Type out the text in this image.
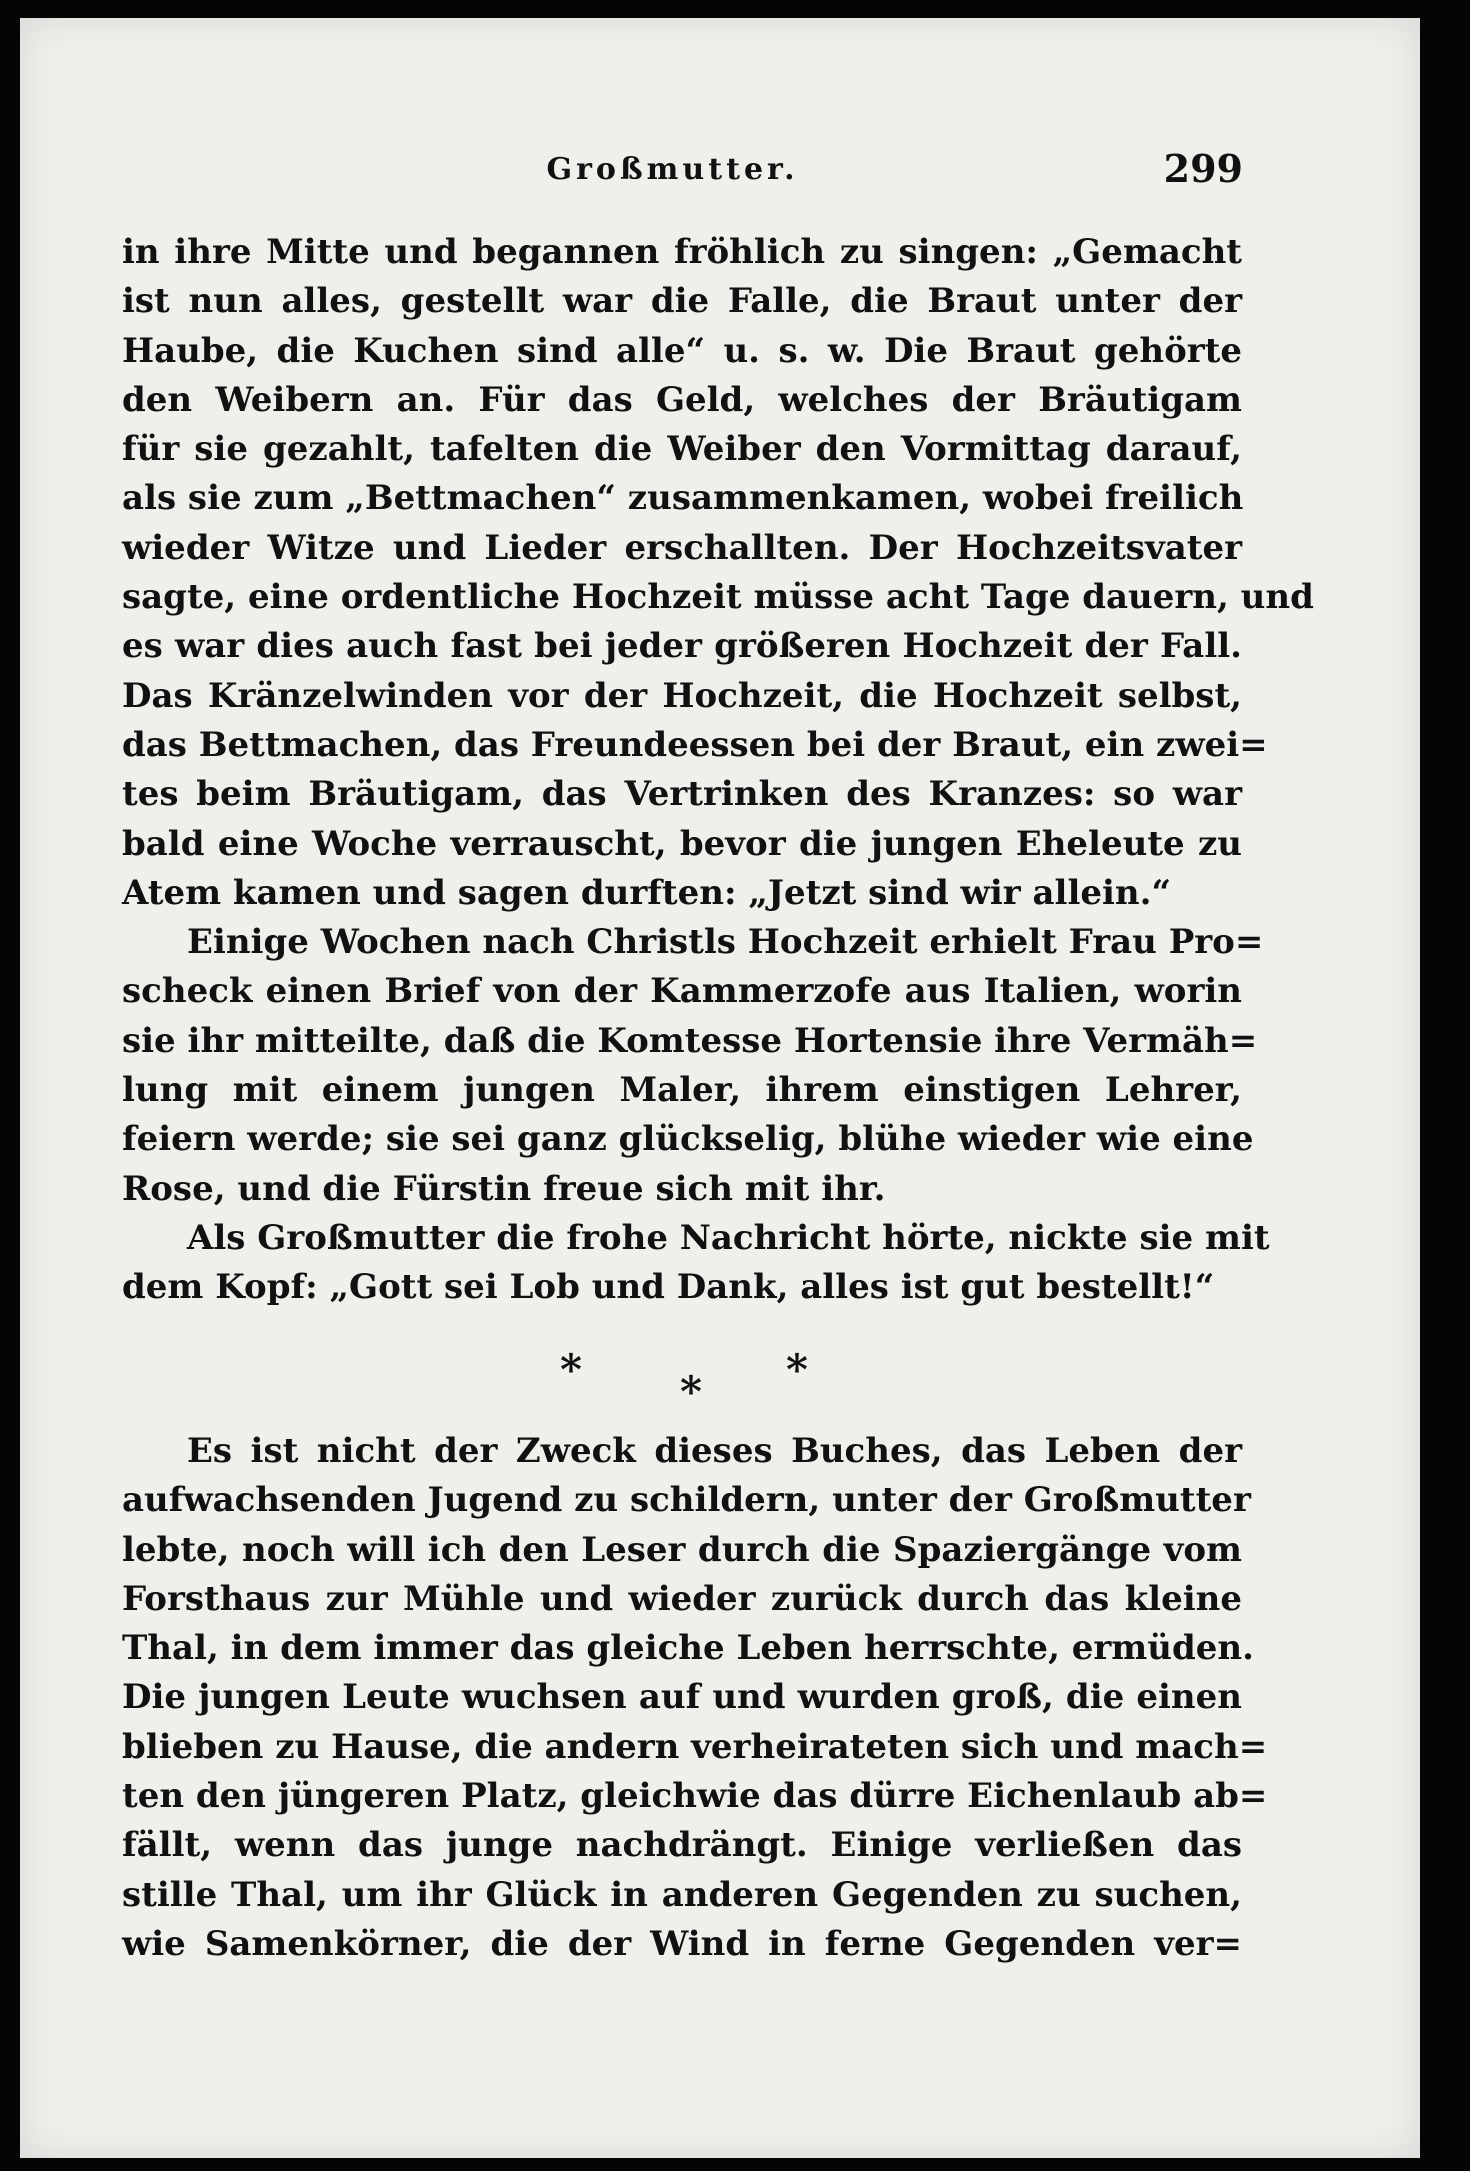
Großmutter.	299
in ihre Mitte und begannen fröhlich zu singen: „Gemacht
ist nun alles, gestellt war die Falle, die Braut unter der
Haube, die Kuchen sind alle“ u. s. w. Die Braut gehörte
den Weibern an. Für das Geld, welches der Bräutigam
für sie gezahlt, tafelten die Weiber den Vormittag darauf,
als sie zum „Bettmachen“ zusammenkamen, wobei freilich
wieder Witze und Lieder erschallten. Der Hochzeitsvater
sagte, eine ordentliche Hochzeit müsse acht Tage dauern, und
es war dies auch fast bei jeder größeren Hochzeit der Fall.
Das Kränzelwinden vor der Hochzeit, die Hochzeit selbst,
das Bettmachen, das Freundeessen bei der Braut, ein zwei=
tes beim Bräutigam, das Vertrinken des Kranzes: so war
bald eine Woche verrauscht, bevor die jungen Eheleute zu
Atem kamen und sagen durften: „Jetzt sind wir allein.“
Einige Wochen nach Christls Hochzeit erhielt Frau Pro=
scheck einen Brief von der Kammerzofe aus Italien, worin
sie ihr mitteilte, daß die Komtesse Hortensie ihre Vermäh=
lung mit einem jungen Maler, ihrem einstigen Lehrer,
feiern werde; sie sei ganz glückselig, blühe wieder wie eine
Rose, und die Fürstin freue sich mit ihr.
Als Großmutter die frohe Nachricht hörte, nickte sie mit
dem Kopf: „Gott sei Lob und Dank, alles ist gut bestellt!“
* * *
Es ist nicht der Zweck dieses Buches, das Leben der
aufwachsenden Jugend zu schildern, unter der Großmutter
lebte, noch will ich den Leser durch die Spaziergänge vom
Forsthaus zur Mühle und wieder zurück durch das kleine
Thal, in dem immer das gleiche Leben herrschte, ermüden.
Die jungen Leute wuchsen auf und wurden groß, die einen
blieben zu Hause, die andern verheirateten sich und mach=
ten den jüngeren Platz, gleichwie das dürre Eichenlaub ab=
fällt, wenn das junge nachdrängt. Einige verließen das
stille Thal, um ihr Glück in anderen Gegenden zu suchen,
wie Samenkörner, die der Wind in ferne Gegenden ver=
